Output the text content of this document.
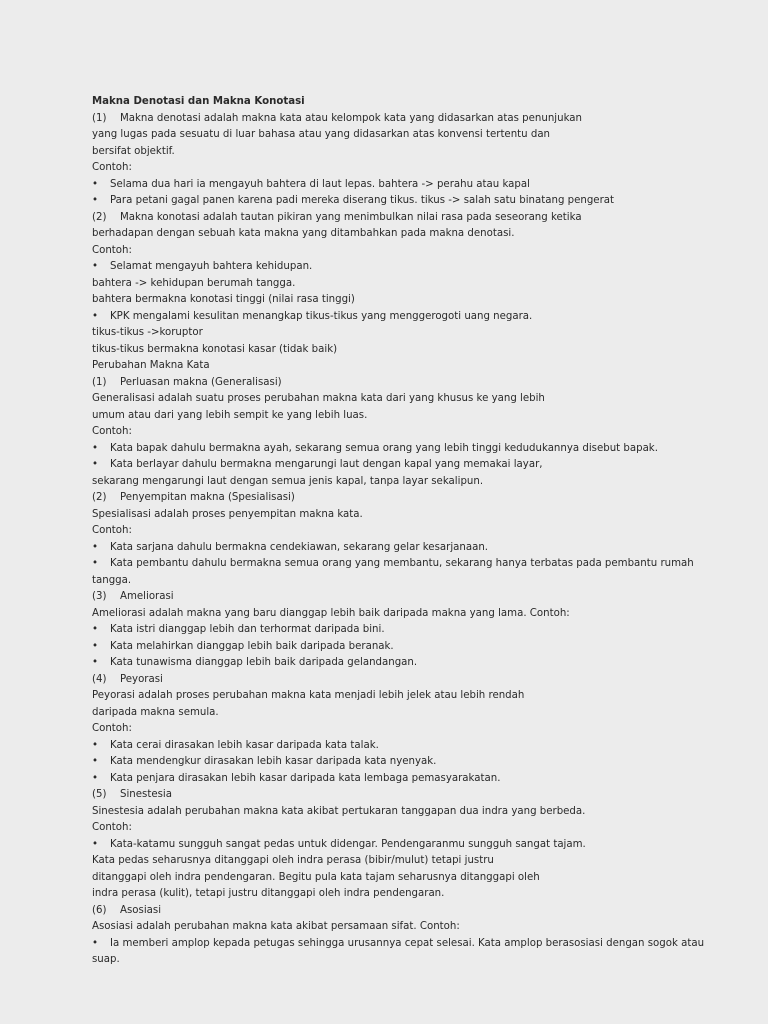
Makna Denotasi dan Makna Konotasi
(1) Makna denotasi adalah makna kata atau kelompok kata yang didasarkan atas penunjukan
yang lugas pada sesuatu di luar bahasa atau yang didasarkan atas konvensi tertentu dan
bersifat objektif.
Contoh:
• Selama dua hari ia mengayuh bahtera di laut lepas. bahtera -> perahu atau kapal
• Para petani gagal panen karena padi mereka diserang tikus. tikus -> salah satu binatang pengerat
(2) Makna konotasi adalah tautan pikiran yang menimbulkan nilai rasa pada seseorang ketika
berhadapan dengan sebuah kata makna yang ditambahkan pada makna denotasi.
Contoh:
• Selamat mengayuh bahtera kehidupan.
bahtera -> kehidupan berumah tangga.
bahtera bermakna konotasi tinggi (nilai rasa tinggi)
• KPK mengalami kesulitan menangkap tikus-tikus yang menggerogoti uang negara.
tikus-tikus ->koruptor
tikus-tikus bermakna konotasi kasar (tidak baik)
Perubahan Makna Kata
(1) Perluasan makna (Generalisasi)
Generalisasi adalah suatu proses perubahan makna kata dari yang khusus ke yang lebih
umum atau dari yang lebih sempit ke yang lebih luas.
Contoh:
• Kata bapak dahulu bermakna ayah, sekarang semua orang yang lebih tinggi kedudukannya disebut bapak.
• Kata berlayar dahulu bermakna mengarungi laut dengan kapal yang memakai layar,
sekarang mengarungi laut dengan semua jenis kapal, tanpa layar sekalipun.
(2) Penyempitan makna (Spesialisasi)
Spesialisasi adalah proses penyempitan makna kata.
Contoh:
• Kata sarjana dahulu bermakna cendekiawan, sekarang gelar kesarjanaan.
• Kata pembantu dahulu bermakna semua orang yang membantu, sekarang hanya terbatas pada pembantu rumah
tangga.
(3) Ameliorasi
Ameliorasi adalah makna yang baru dianggap lebih baik daripada makna yang lama. Contoh:
• Kata istri dianggap lebih dan terhormat daripada bini.
• Kata melahirkan dianggap lebih baik daripada beranak.
• Kata tunawisma dianggap lebih baik daripada gelandangan.
(4) Peyorasi
Peyorasi adalah proses perubahan makna kata menjadi lebih jelek atau lebih rendah
daripada makna semula.
Contoh:
• Kata cerai dirasakan lebih kasar daripada kata talak.
• Kata mendengkur dirasakan lebih kasar daripada kata nyenyak.
• Kata penjara dirasakan lebih kasar daripada kata lembaga pemasyarakatan.
(5) Sinestesia
Sinestesia adalah perubahan makna kata akibat pertukaran tanggapan dua indra yang berbeda.
Contoh:
• Kata-katamu sungguh sangat pedas untuk didengar. Pendengaranmu sungguh sangat tajam.
Kata pedas seharusnya ditanggapi oleh indra perasa (bibir/mulut) tetapi justru
ditanggapi oleh indra pendengaran. Begitu pula kata tajam seharusnya ditanggapi oleh
indra perasa (kulit), tetapi justru ditanggapi oleh indra pendengaran.
(6) Asosiasi
Asosiasi adalah perubahan makna kata akibat persamaan sifat. Contoh:
• Ia memberi amplop kepada petugas sehingga urusannya cepat selesai. Kata amplop berasosiasi dengan sogok atau
suap.
